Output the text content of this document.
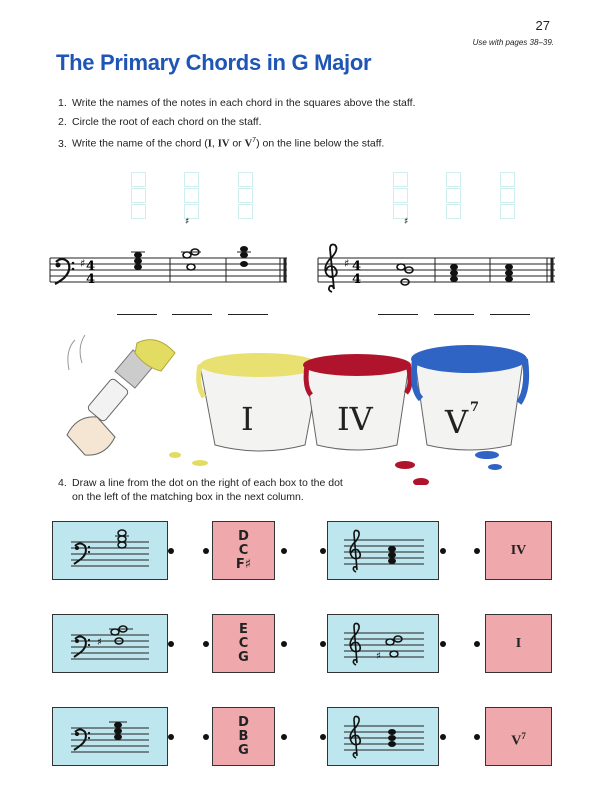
27
Use with pages 38–39.
The Primary Chords in G Major
1. Write the names of the notes in each chord in the squares above the staff.
2. Circle the root of each chord on the staff.
3. Write the name of the chord (I, IV or $V^7$) on the line below the staff.
♯ 4
4
♯
♯ 4
4
♯
I	IV V 7
4. Draw a line from the dot on the right of each box to the dot
on the left of the matching box in the next column.
D
C
F♯
IV
♯
E
C
G	♯
I
D
B
G
$V^7$
